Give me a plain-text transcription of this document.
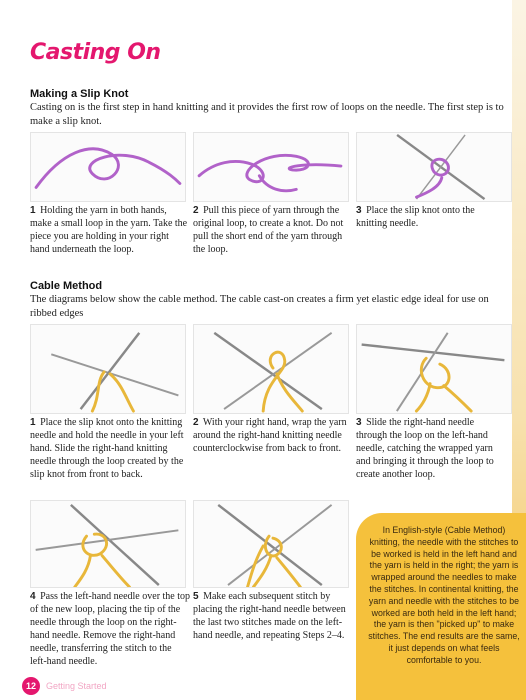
Casting On
Making a Slip Knot

Casting on is the first step in hand knitting and it provides the first row of loops on the needle. The first step is to make a slip knot.

1 Holding the yarn in both hands, make a small loop in the yarn. Take the piece you are holding in your right hand underneath the loop.

2 Pull this piece of yarn through the original loop, to create a knot. Do not pull the short end of the yarn through the loop.

3 Place the slip knot onto the knitting needle.

Cable Method

The diagrams below show the cable method. The cable cast-on creates a firm yet elastic edge ideal for use on ribbed edges

1 Place the slip knot onto the knitting needle and hold the needle in your left hand. Slide the right-hand knitting needle through the loop created by the slip knot from front to back.

2 With your right hand, wrap the yarn around the right-hand knitting needle counterclockwise from back to front.

3 Slide the right-hand needle through the loop on the left-hand needle, catching the wrapped yarn and bringing it through the loop to create another loop.

4 Pass the left-hand needle over the top of the new loop, placing the tip of the needle through the loop on the right-hand needle. Remove the right-hand needle, transferring the stitch to the left-hand needle.

5 Make each subsequent stitch by placing the right-hand needle between the last two stitches made on the left-hand needle, and repeating Steps 2–4.

In English-style (Cable Method) knitting, the needle with the stitches to be worked is held in the left hand and the yarn is held in the right; the yarn is wrapped around the needles to make the stitches. In continental knitting, the yarn and needle with the stitches to be worked are both held in the left hand; the yarn is then "picked up" to make stitches. The end results are the same, it just depends on what feels comfortable to you.

12	Getting Started
